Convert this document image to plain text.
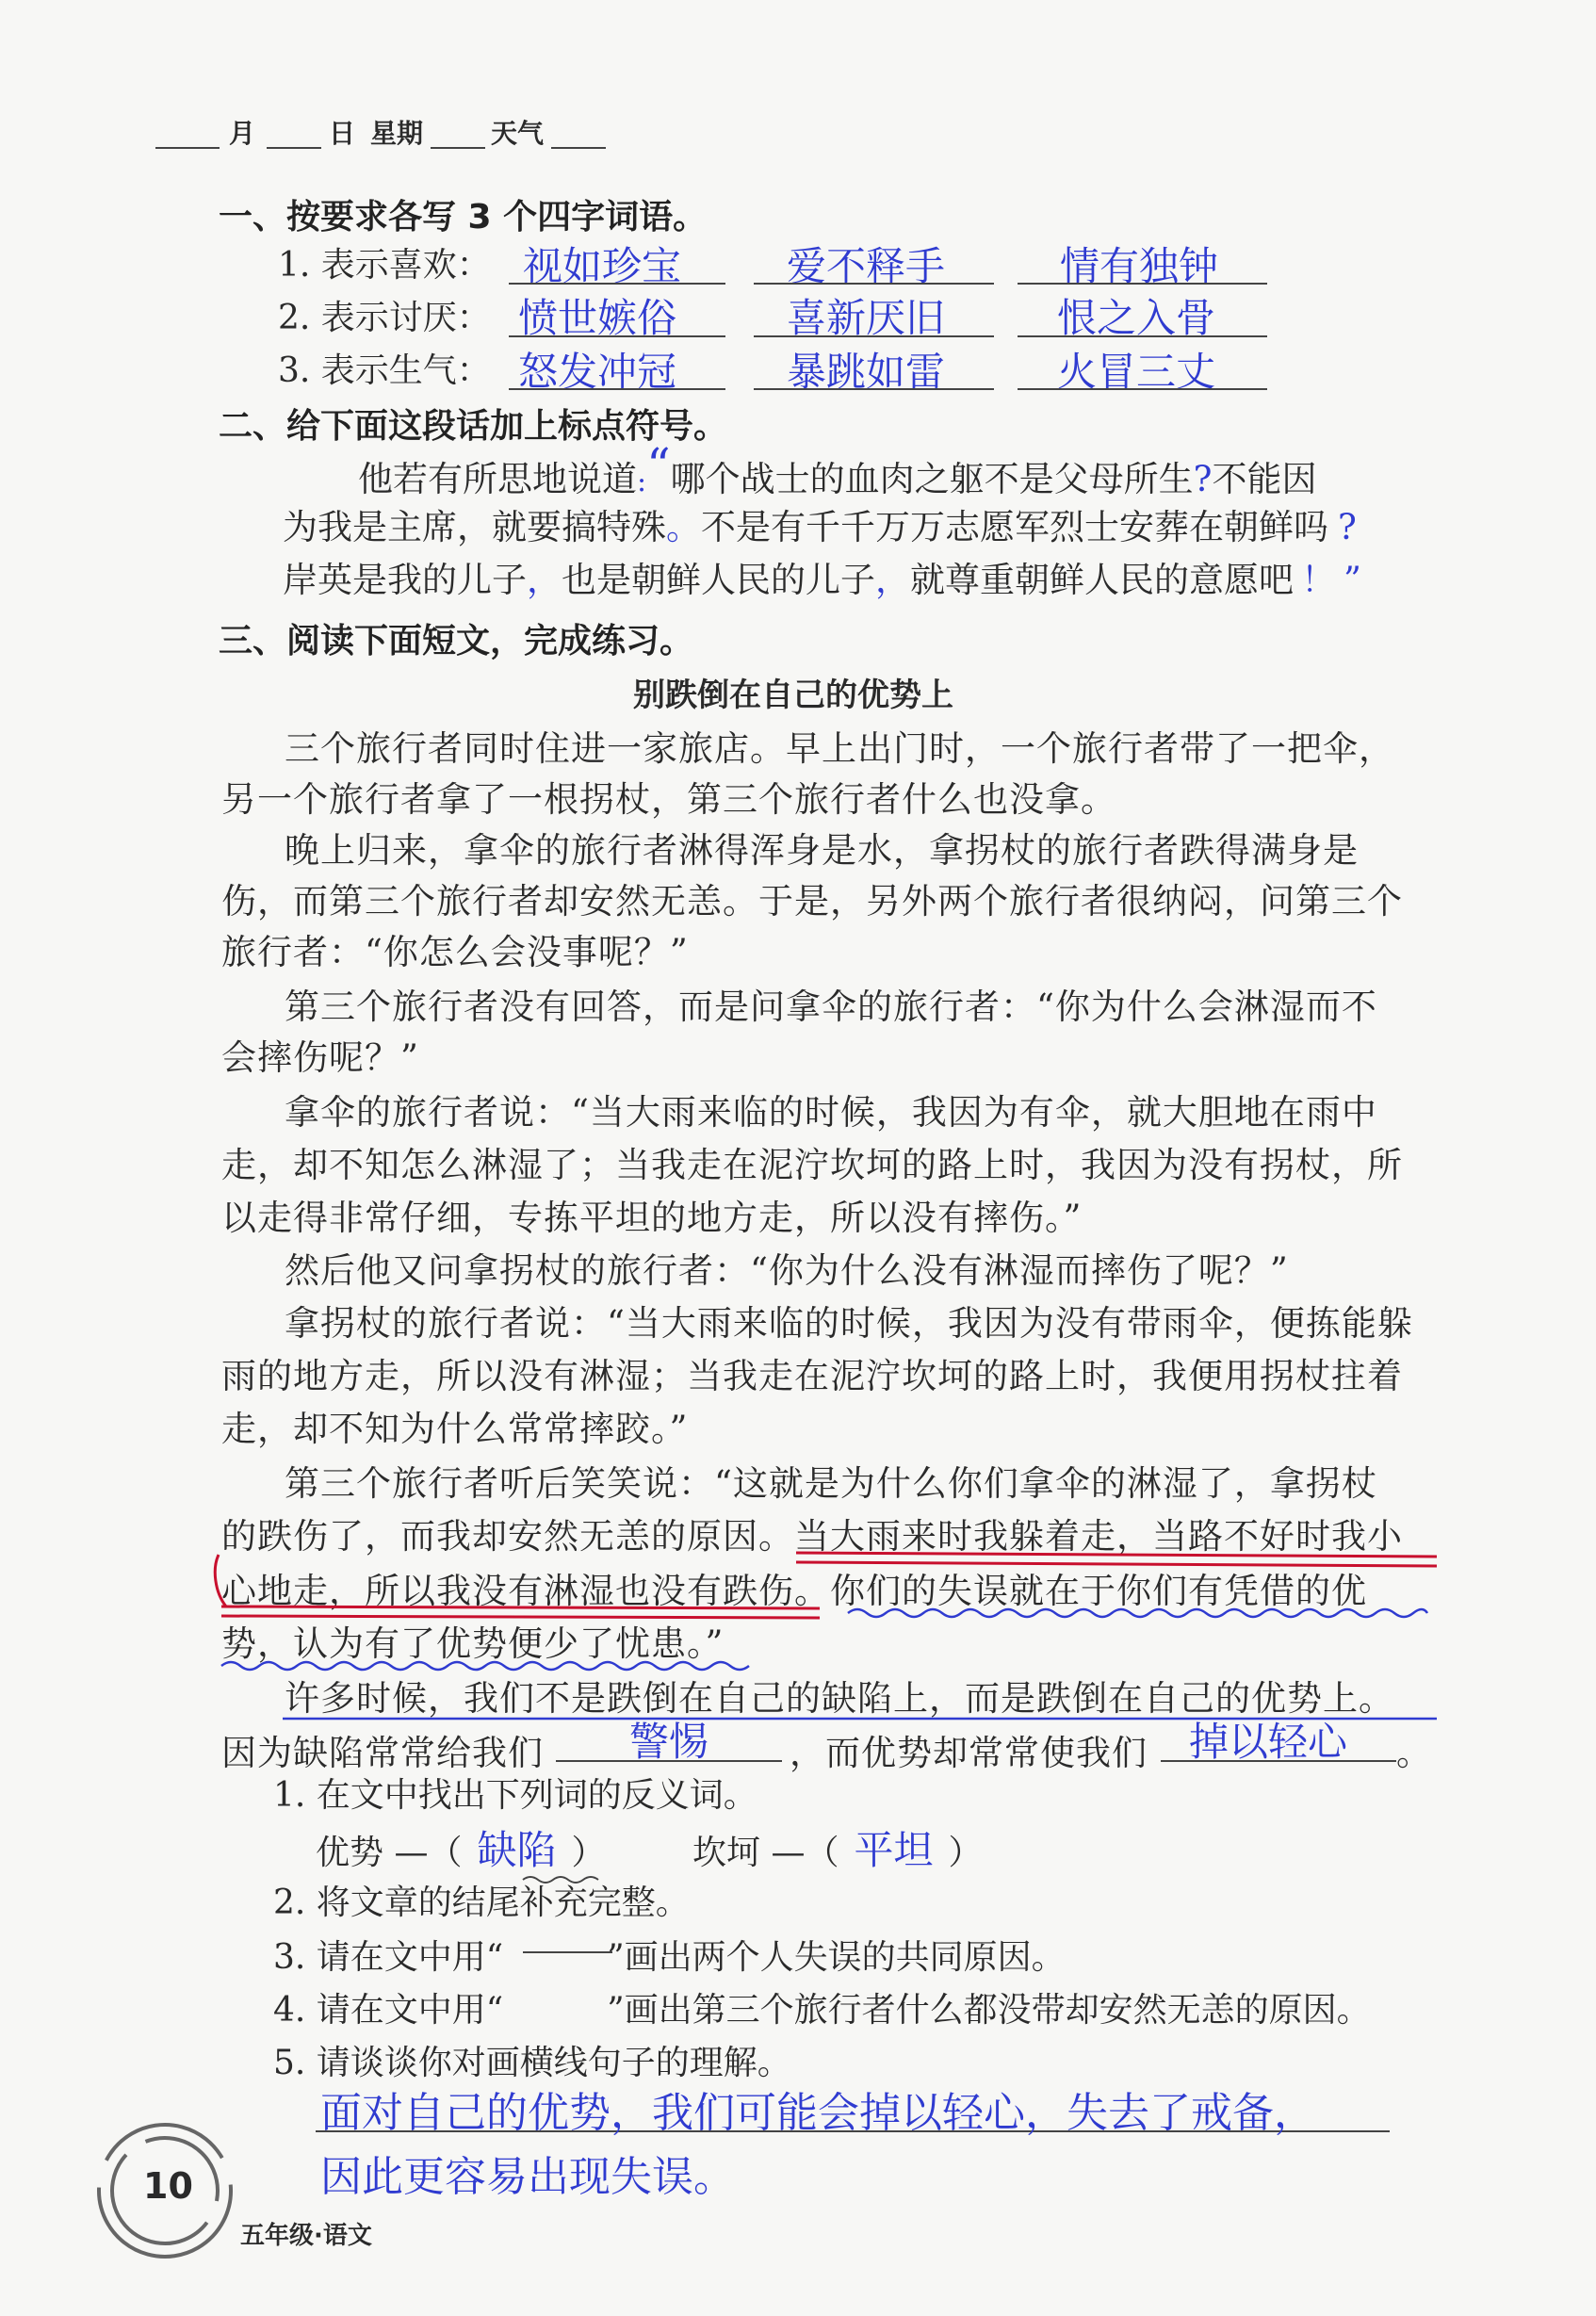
月	日 星期	天气
一、按要求各写 3 个四字词语。
1. 表示喜欢： 视如珍宝	爱不释手	情有独钟
2. 表示讨厌： 愤世嫉俗	喜新厌旧	恨之入骨
3. 表示生气： 怒发冲冠	暴跳如雷	火冒三丈
二、给下面这段话加上标点符号。
他若有所思地说道:“哪个战士的血肉之躯不是父母所生?不能因
为我是主席，就要搞特殊。不是有千千万万志愿军烈士安葬在朝鲜吗 ?
岸英是我的儿子，也是朝鲜人民的儿子，就尊重朝鲜人民的意愿吧 ！ ”
三、阅读下面短文，完成练习。
别跌倒在自己的优势上
三个旅行者同时住进一家旅店。早上出门时，一个旅行者带了一把伞，
另一个旅行者拿了一根拐杖，第三个旅行者什么也没拿。
晚上归来，拿伞的旅行者淋得浑身是水，拿拐杖的旅行者跌得满身是
伤，而第三个旅行者却安然无恙。于是，另外两个旅行者很纳闷，问第三个
旅行者：“你怎么会没事呢？”
第三个旅行者没有回答，而是问拿伞的旅行者：“你为什么会淋湿而不
会摔伤呢？”
拿伞的旅行者说：“当大雨来临的时候，我因为有伞，就大胆地在雨中
走，却不知怎么淋湿了；当我走在泥泞坎坷的路上时，我因为没有拐杖，所
以走得非常仔细，专拣平坦的地方走，所以没有摔伤。”
然后他又问拿拐杖的旅行者：“你为什么没有淋湿而摔伤了呢？”
拿拐杖的旅行者说：“当大雨来临的时候，我因为没有带雨伞，便拣能躲
雨的地方走，所以没有淋湿；当我走在泥泞坎坷的路上时，我便用拐杖拄着
走，却不知为什么常常摔跤。”
第三个旅行者听后笑笑说：“这就是为什么你们拿伞的淋湿了，拿拐杖
的跌伤了，而我却安然无恙的原因。当大雨来时我躲着走，当路不好时我小
心地走，所以我没有淋湿也没有跌伤。你们的失误就在于你们有凭借的优
势，认为有了优势便少了忧患。”
许多时候，我们不是跌倒在自己的缺陷上，而是跌倒在自己的优势上。
因为缺陷常常给我们 警惕 ，而优势却常常使我们 掉以轻心 。
1. 在文中找出下列词的反义词。
优势 —（ 缺陷 ）	坎坷 —（ 平坦 ）
2. 将文章的结尾补充完整。
3. 请在文中用“	”画出两个人失误的共同原因。
4. 请在文中用“	”画出第三个旅行者什么都没带却安然无恙的原因。
5. 请谈谈你对画横线句子的理解。
面对自己的优势，我们可能会掉以轻心，失去了戒备，
因此更容易出现失误。
10
五年级·语文
